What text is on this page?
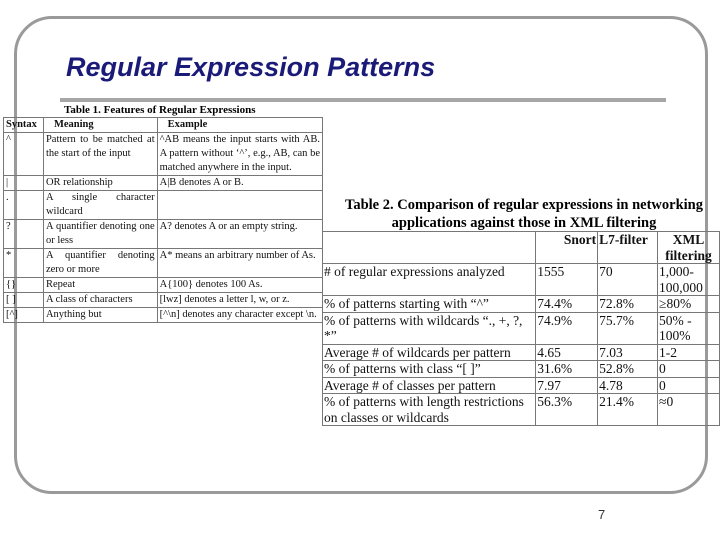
Regular Expression Patterns
Table 1. Features of Regular Expressions
Syntax	Meaning	Example
^	Pattern to be matched at the start of the input	^AB means the input starts with AB. A pattern without ‘^’, e.g., AB, can be matched anywhere in the input.
|	OR relationship	A|B denotes A or B.
.	A single character wildcard	
?	A quantifier denoting one or less	A? denotes A or an empty string.
*	A quantifier denoting zero or more	A* means an arbitrary number of As.
{}	Repeat	A{100} denotes 100 As.
[ ]	A class of characters	[lwz] denotes a letter l, w, or z.
[^]	Anything but	[^\n] denotes any character except \n.
Table 2. Comparison of regular expressions in networking applications against those in XML filtering
	Snort	L7-filter	XML filtering
# of regular expressions analyzed	1555	70	1,000-100,000
% of patterns starting with “^”	74.4%	72.8%	≥80%
% of patterns with wildcards “., +, ?, *”	74.9%	75.7%	50% - 100%
Average # of wildcards per pattern	4.65	7.03	1-2
% of patterns with class “[ ]”	31.6%	52.8%	0
Average # of classes per pattern	7.97	4.78	0
% of patterns with length restrictions on classes or wildcards	56.3%	21.4%	≈0
7
